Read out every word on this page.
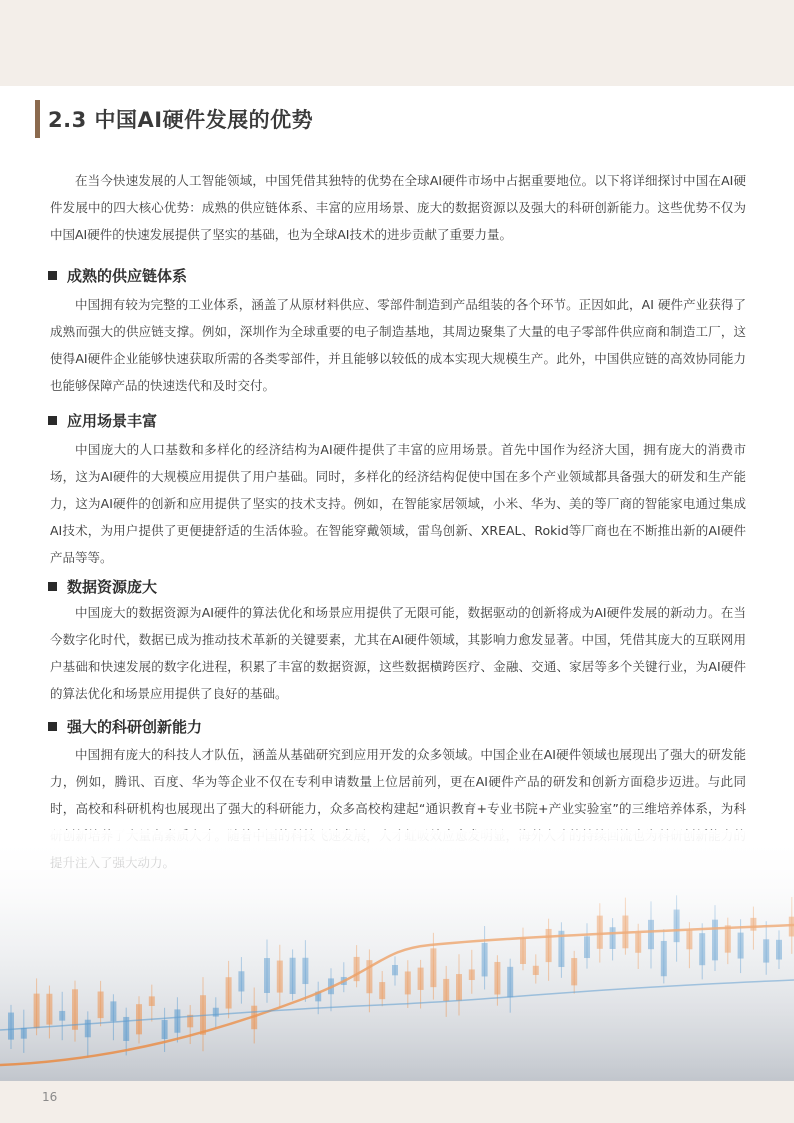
2.3 中国AI硬件发展的优势

在当今快速发展的人工智能领域，中国凭借其独特的优势在全球AI硬件市场中占据重要地位。以下将详细探讨中国在AI硬件发展中的四大核心优势：成熟的供应链体系、丰富的应用场景、庞大的数据资源以及强大的科研创新能力。这些优势不仅为中国AI硬件的快速发展提供了坚实的基础，也为全球AI技术的进步贡献了重要力量。

成熟的供应链体系

中国拥有较为完整的工业体系，涵盖了从原材料供应、零部件制造到产品组装的各个环节。正因如此，AI 硬件产业获得了成熟而强大的供应链支撑。例如，深圳作为全球重要的电子制造基地，其周边聚集了大量的电子零部件供应商和制造工厂，这使得AI硬件企业能够快速获取所需的各类零部件，并且能够以较低的成本实现大规模生产。此外，中国供应链的高效协同能力也能够保障产品的快速迭代和及时交付。

应用场景丰富

中国庞大的人口基数和多样化的经济结构为AI硬件提供了丰富的应用场景。首先中国作为经济大国，拥有庞大的消费市场，这为AI硬件的大规模应用提供了用户基础。同时，多样化的经济结构促使中国在多个产业领域都具备强大的研发和生产能力，这为AI硬件的创新和应用提供了坚实的技术支持。例如，在智能家居领域，小米、华为、美的等厂商的智能家电通过集成AI技术，为用户提供了更便捷舒适的生活体验。在智能穿戴领域，雷鸟创新、XREAL、Rokid等厂商也在不断推出新的AI硬件产品等等。

数据资源庞大

中国庞大的数据资源为AI硬件的算法优化和场景应用提供了无限可能，数据驱动的创新将成为AI硬件发展的新动力。在当今数字化时代，数据已成为推动技术革新的关键要素，尤其在AI硬件领域，其影响力愈发显著。中国，凭借其庞大的互联网用户基础和快速发展的数字化进程，积累了丰富的数据资源，这些数据横跨医疗、金融、交通、家居等多个关键行业，为AI硬件的算法优化和场景应用提供了良好的基础。

强大的科研创新能力

中国拥有庞大的科技人才队伍，涵盖从基础研究到应用开发的众多领域。中国企业在AI硬件领域也展现出了强大的研发能力，例如，腾讯、百度、华为等企业不仅在专利申请数量上位居前列，更在AI硬件产品的研发和创新方面稳步迈进。与此同时，高校和科研机构也展现出了强大的科研能力，众多高校构建起“通识教育+专业书院+产业实验室”的三维培养体系，为科

16
